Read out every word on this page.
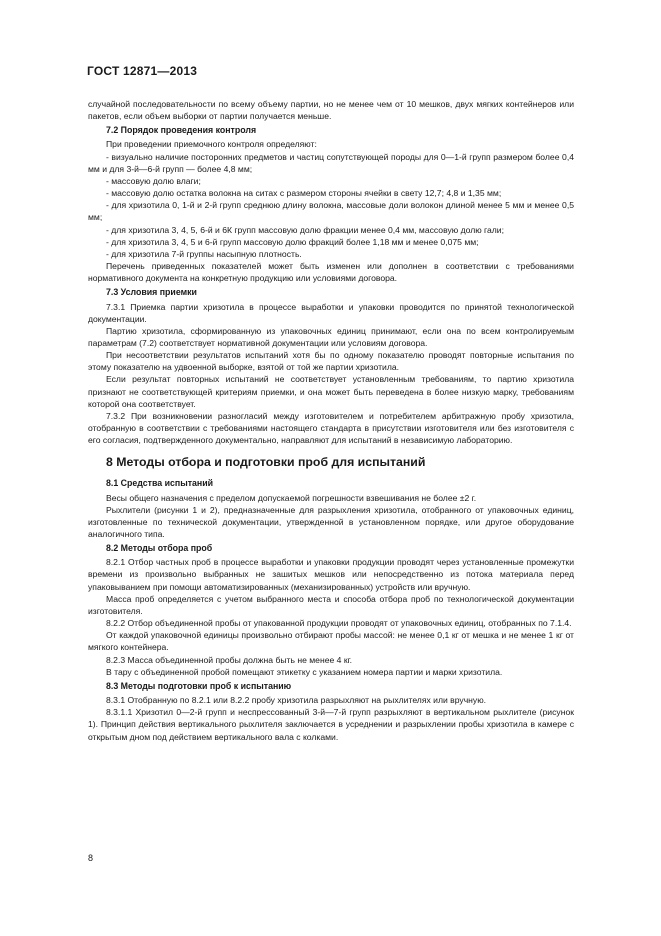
ГОСТ 12871—2013

случайной последовательности по всему объему партии, но не менее чем от 10 мешков, двух мягких контейнеров или пакетов, если объем выборки от партии получается меньше.

7.2 Порядок проведения контроля

При проведении приемочного контроля определяют:

- визуально наличие посторонних предметов и частиц сопутствующей породы для 0—1-й групп размером более 0,4 мм и для 3-й—6-й групп — более 4,8 мм;

- массовую долю влаги;

- массовую долю остатка волокна на ситах с размером стороны ячейки в свету 12,7; 4,8 и 1,35 мм;

- для хризотила 0, 1-й и 2-й групп среднюю длину волокна, массовые доли волокон длиной менее 5 мм и менее 0,5 мм;

- для хризотила 3, 4, 5, 6-й и 6К групп массовую долю фракции менее 0,4 мм, массовую долю гали;

- для хризотила 3, 4, 5 и 6-й групп массовую долю фракций более 1,18 мм и менее 0,075 мм;

- для хризотила 7-й группы насыпную плотность.

Перечень приведенных показателей может быть изменен или дополнен в соответствии с требованиями нормативного документа на конкретную продукцию или условиями договора.

7.3 Условия приемки

7.3.1 Приемка партии хризотила в процессе выработки и упаковки проводится по принятой технологической документации.

Партию хризотила, сформированную из упаковочных единиц принимают, если она по всем контролируемым параметрам (7.2) соответствует нормативной документации или условиям договора.

При несоответствии результатов испытаний хотя бы по одному показателю проводят повторные испытания по этому показателю на удвоенной выборке, взятой от той же партии хризотила.

Если результат повторных испытаний не соответствует установленным требованиям, то партию хризотила признают не соответствующей критериям приемки, и она может быть переведена в более низкую марку, требованиям которой она соответствует.

7.3.2 При возникновении разногласий между изготовителем и потребителем арбитражную пробу хризотила, отобранную в соответствии с требованиями настоящего стандарта в присутствии изготовителя или без изготовителя с его согласия, подтвержденного документально, направляют для испытаний в независимую лабораторию.

8 Методы отбора и подготовки проб для испытаний
8.1 Средства испытаний

Весы общего назначения с пределом допускаемой погрешности взвешивания не более ±2 г.

Рыхлители (рисунки 1 и 2), предназначенные для разрыхления хризотила, отобранного от упаковочных единиц, изготовленные по технической документации, утвержденной в установленном порядке, или другое оборудование аналогичного типа.

8.2 Методы отбора проб

8.2.1 Отбор частных проб в процессе выработки и упаковки продукции проводят через установленные промежутки времени из произвольно выбранных не зашитых мешков или непосредственно из потока материала перед упаковыванием при помощи автоматизированных (механизированных) устройств или вручную.

Масса проб определяется с учетом выбранного места и способа отбора проб по технологической документации изготовителя.

8.2.2 Отбор объединенной пробы от упакованной продукции проводят от упаковочных единиц, отобранных по 7.1.4.

От каждой упаковочной единицы произвольно отбирают пробы массой: не менее 0,1 кг от мешка и не менее 1 кг от мягкого контейнера.

8.2.3 Масса объединенной пробы должна быть не менее 4 кг.

В тару с объединенной пробой помещают этикетку с указанием номера партии и марки хризотила.

8.3 Методы подготовки проб к испытанию

8.3.1 Отобранную по 8.2.1 или 8.2.2 пробу хризотила разрыхляют на рыхлителях или вручную.

8.3.1.1 Хризотил 0—2-й групп и неспрессованный 3-й—7-й групп разрыхляют в вертикальном рыхлителе (рисунок 1). Принцип действия вертикального рыхлителя заключается в усреднении и разрыхлении пробы хризотила в камере с открытым дном под действием вертикального вала с колками.

8
